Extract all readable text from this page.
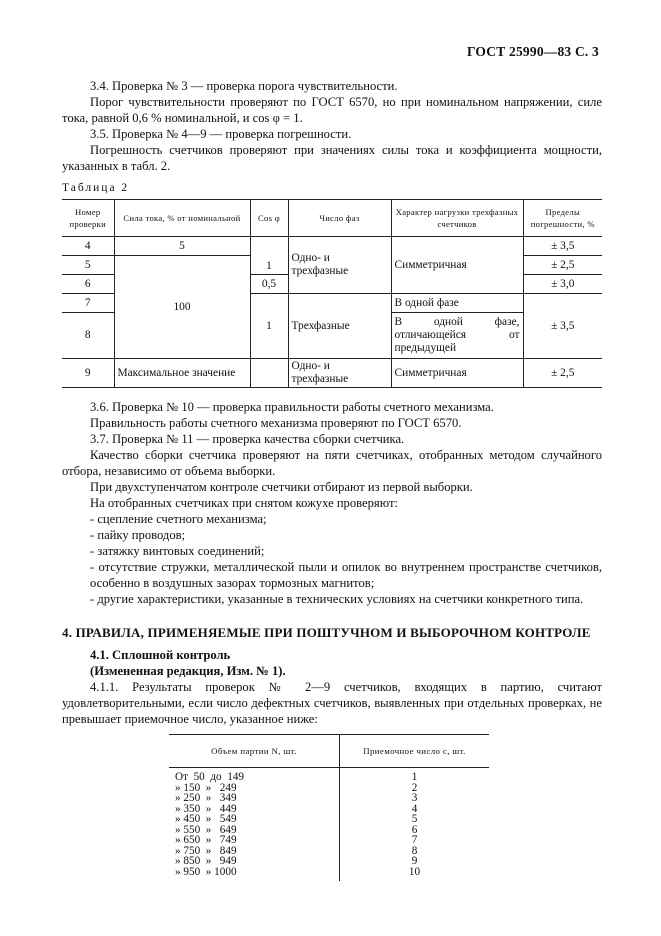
ГОСТ 25990—83 С. 3

3.4. Проверка № 3 — проверка порога чувствительности.

Порог чувствительности проверяют по ГОСТ 6570, но при номинальном напряжении, силе тока, равной 0,6 % номинальной, и cos φ = 1.

3.5. Проверка № 4—9 — проверка погрешности.

Погрешность счетчиков проверяют при значениях силы тока и коэффициента мощности, указанных в табл. 2.

Таблица 2

Номер проверки	Сила тока, % от номинальной	Cos φ	Число фаз	Характер нагрузки трехфазных счетчиков	Пределы погрешности, %
4	5	1	Одно- и трехфазные	Симметричная	± 3,5
5	100				± 2,5
6		0,5			± 3,0
7		1	Трехфазные	В одной фазе	± 3,5
8				В одной фазе, отличающейся от предыдущей	
9	Максимальное значение		Одно- и трехфазные	Симметричная	± 2,5

3.6. Проверка № 10 — проверка правильности работы счетного механизма.

Правильность работы счетного механизма проверяют по ГОСТ 6570.

3.7. Проверка № 11 — проверка качества сборки счетчика.

Качество сборки счетчика проверяют на пяти счетчиках, отобранных методом случайного отбора, независимо от объема выборки.

При двухступенчатом контроле счетчики отбирают из первой выборки.

На отобранных счетчиках при снятом кожухе проверяют:

- сцепление счетного механизма;

- пайку проводов;

- затяжку винтовых соединений;

- отсутствие стружки, металлической пыли и опилок во внутреннем пространстве счетчиков, особенно в воздушных зазорах тормозных магнитов;

- другие характеристики, указанные в технических условиях на счетчики конкретного типа.

4. ПРАВИЛА, ПРИМЕНЯЕМЫЕ ПРИ ПОШТУЧНОМ И ВЫБОРОЧНОМ КОНТРОЛЕ

4.1. Сплошной контроль

(Измененная редакция, Изм. № 1).

4.1.1. Результаты проверок № 2—9 счетчиков, входящих в партию, считают удовлетворительными, если число дефектных счетчиков, выявленных при отдельных проверках, не превышает приемочное число, указанное ниже:

Объем партии N, шт.	Приемочное число c, шт.
От  50  до  149	1
» 150  »   249	2
» 250  »   349	3
» 350  »   449	4
» 450  »   549	5
» 550  »   649	6
» 650  »   749	7
» 750  »   849	8
» 850  »   949	9
» 950  » 1000	10
